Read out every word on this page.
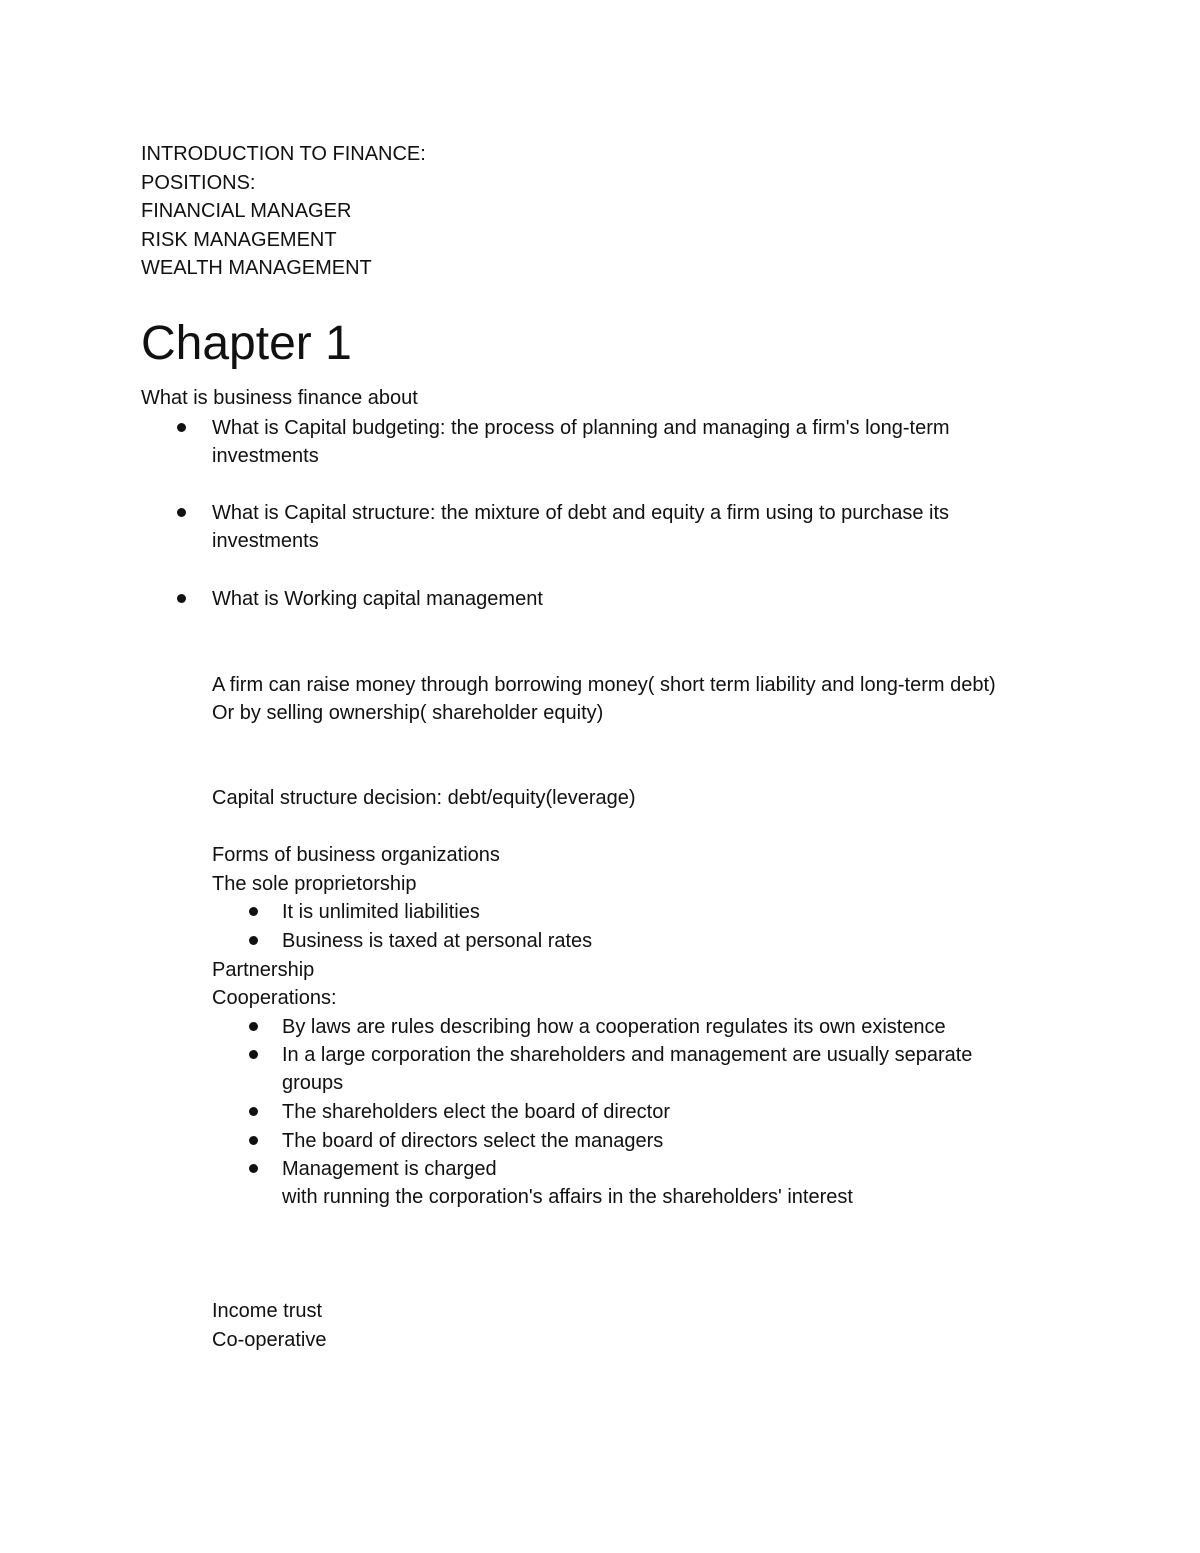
INTRODUCTION TO FINANCE:
POSITIONS:
FINANCIAL MANAGER
RISK MANAGEMENT
WEALTH MANAGEMENT
Chapter 1
What is business finance about
What is Capital budgeting: the process of planning and managing a firm's long-term
investments
What is Capital structure: the mixture of debt and equity a firm using to purchase its
investments
What is Working capital management
A firm can raise money through borrowing money( short term liability and long-term debt)
Or by selling ownership( shareholder equity)
Capital structure decision: debt/equity(leverage)
Forms of business organizations
The sole proprietorship
It is unlimited liabilities
Business is taxed at personal rates
Partnership
Cooperations:
By laws are rules describing how a cooperation regulates its own existence
In a large corporation the shareholders and management are usually separate
groups
The shareholders elect the board of director
The board of directors select the managers
Management is charged
with running the corporation's affairs in the shareholders' interest
Income trust
Co-operative
